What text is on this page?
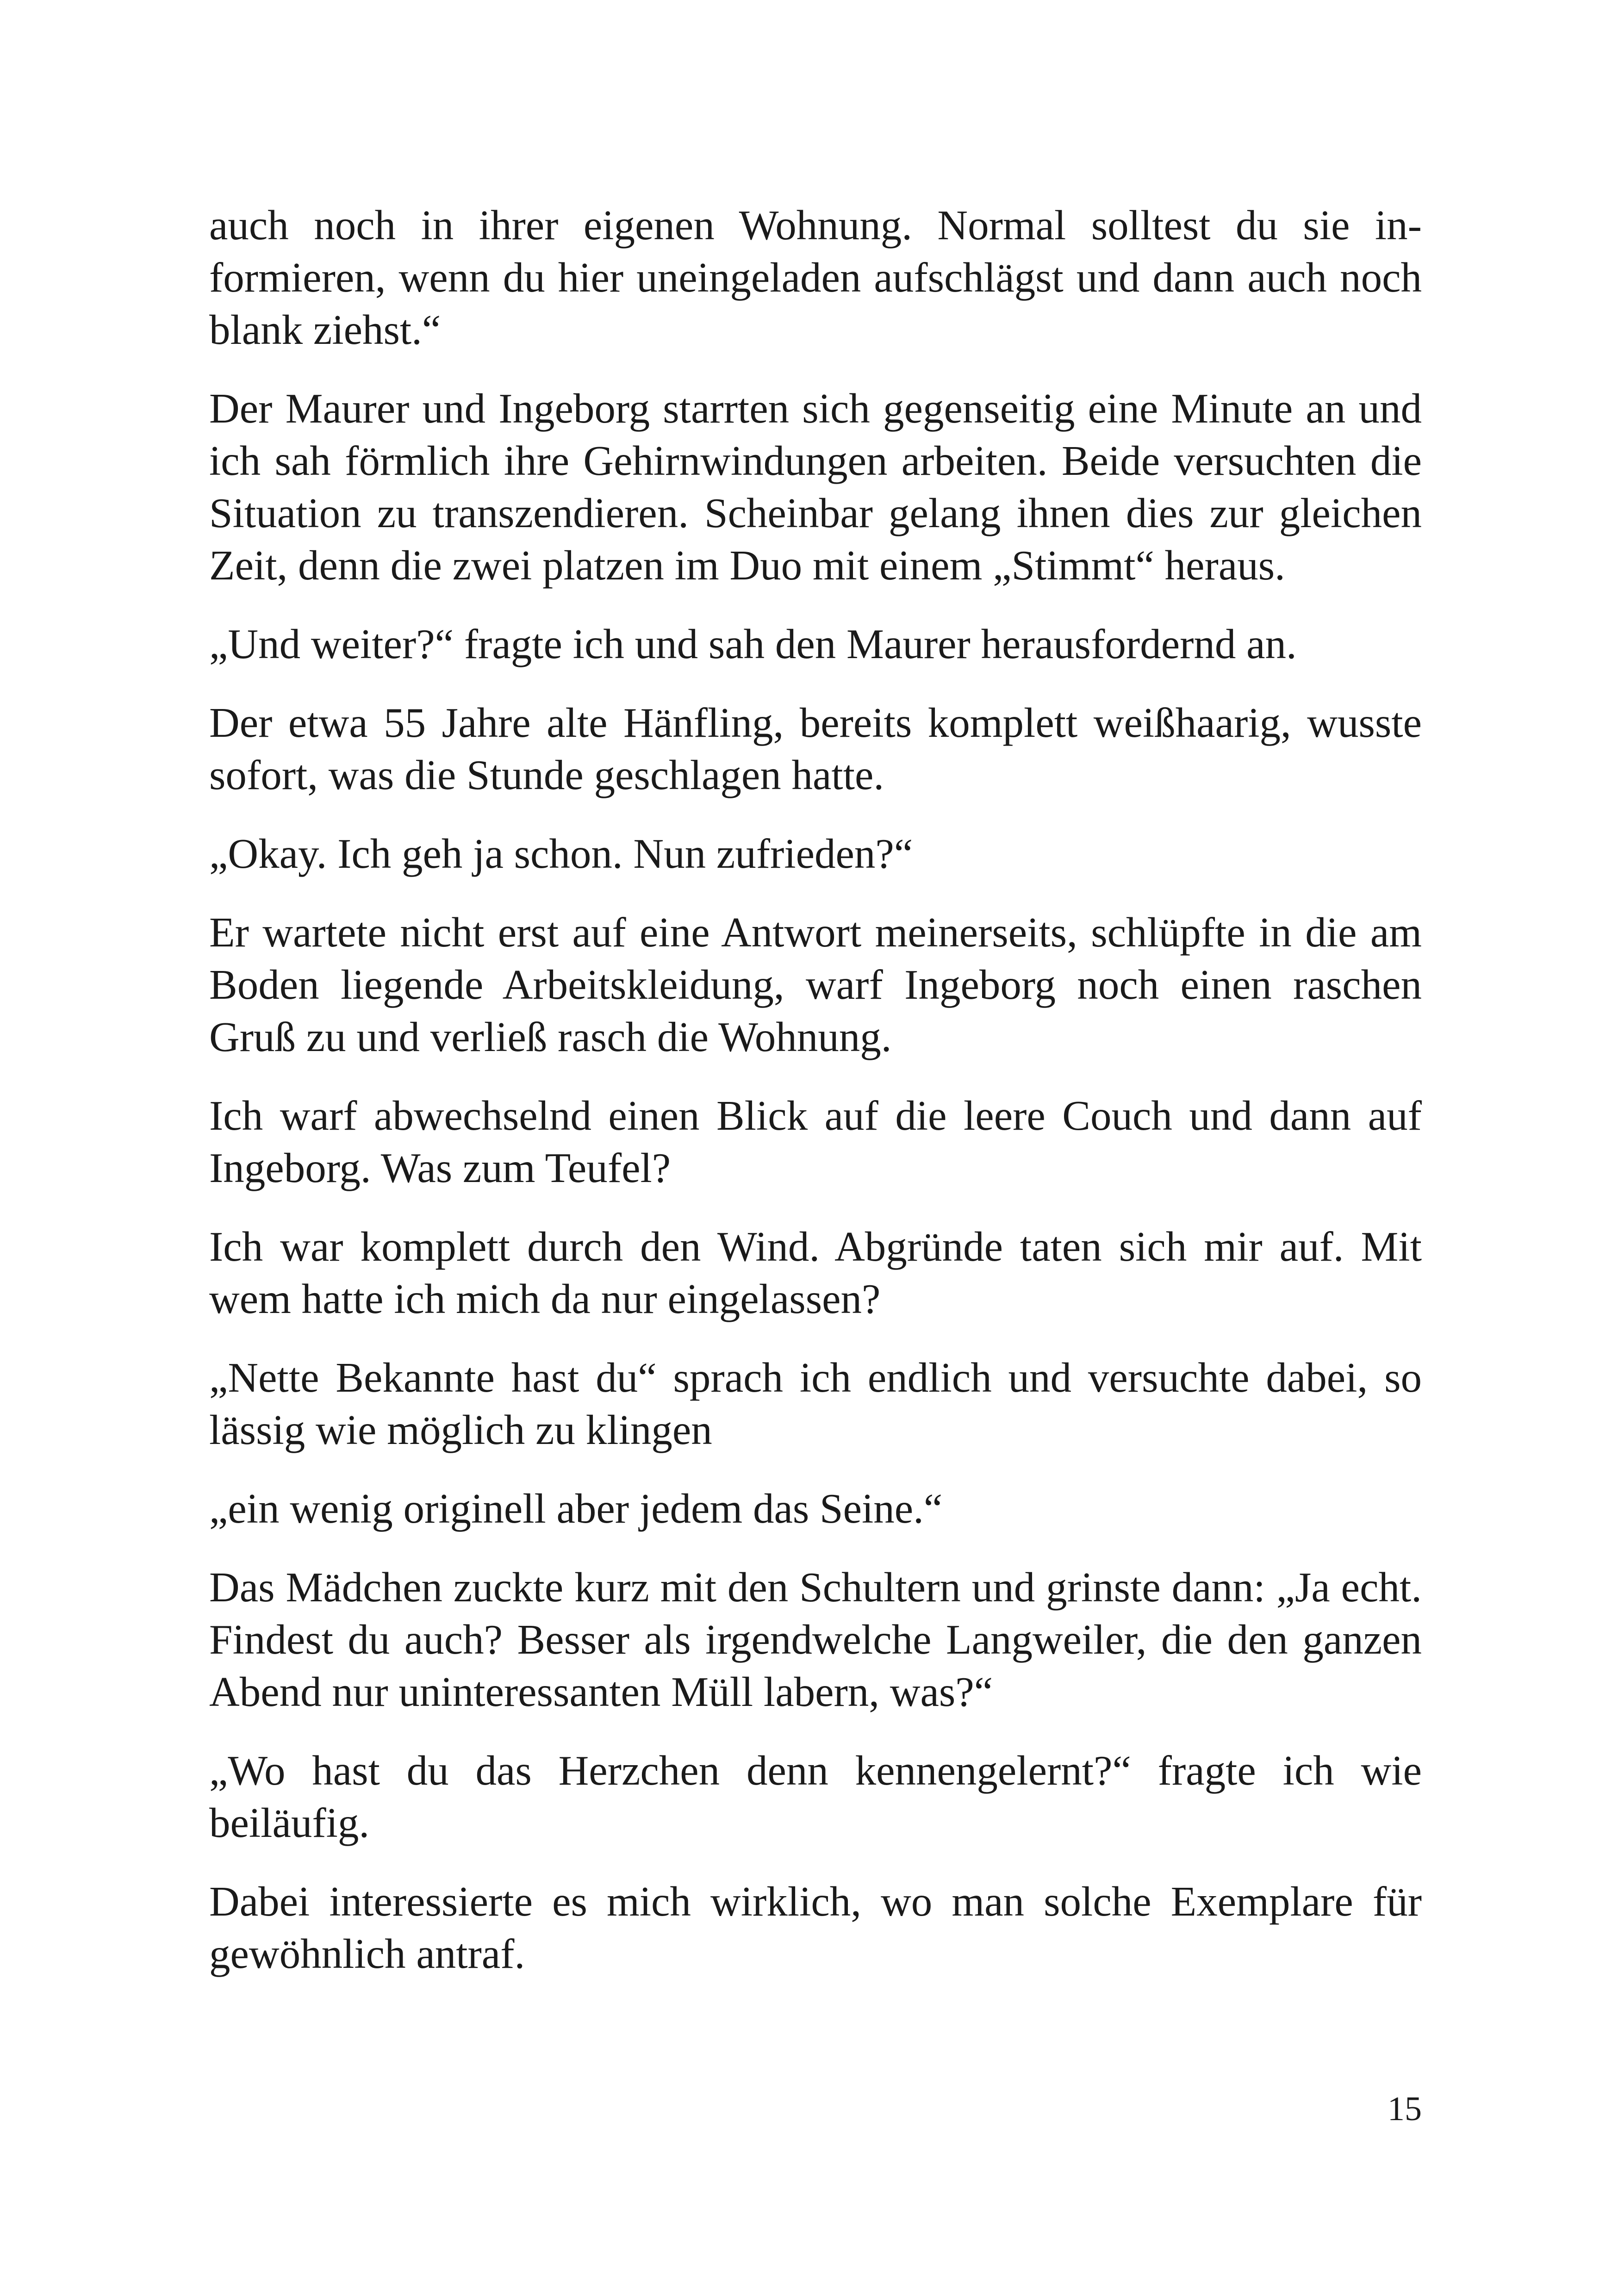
auch noch in ihrer eigenen Wohnung. Normal solltest du sie informieren, wenn du hier uneingeladen aufschlägst und dann auch noch blank ziehst.“

Der Maurer und Ingeborg starrten sich gegenseitig eine Minute an und ich sah förmlich ihre Gehirnwindungen arbeiten. Beide versuchten die Situation zu transzendieren. Scheinbar gelang ihnen dies zur gleichen Zeit, denn die zwei platzen im Duo mit einem „Stimmt“ heraus.

„Und weiter?“ fragte ich und sah den Maurer herausfordernd an.

Der etwa 55 Jahre alte Hänfling, bereits komplett weißhaarig, wusste sofort, was die Stunde geschlagen hatte.

„Okay. Ich geh ja schon. Nun zufrieden?“

Er wartete nicht erst auf eine Antwort meinerseits, schlüpfte in die am Boden liegende Arbeitskleidung, warf Ingeborg noch einen raschen Gruß zu und verließ rasch die Wohnung.

Ich warf abwechselnd einen Blick auf die leere Couch und dann auf Ingeborg. Was zum Teufel?

Ich war komplett durch den Wind. Abgründe taten sich mir auf. Mit wem hatte ich mich da nur eingelassen?

„Nette Bekannte hast du“ sprach ich endlich und versuchte dabei, so lässig wie möglich zu klingen

„ein wenig originell aber jedem das Seine.“

Das Mädchen zuckte kurz mit den Schultern und grinste dann: „Ja echt. Findest du auch? Besser als irgendwelche Langweiler, die den ganzen Abend nur uninteressanten Müll labern, was?“

„Wo hast du das Herzchen denn kennengelernt?“ fragte ich wie beiläufig.

Dabei interessierte es mich wirklich, wo man solche Exemplare für gewöhnlich antraf.

15
